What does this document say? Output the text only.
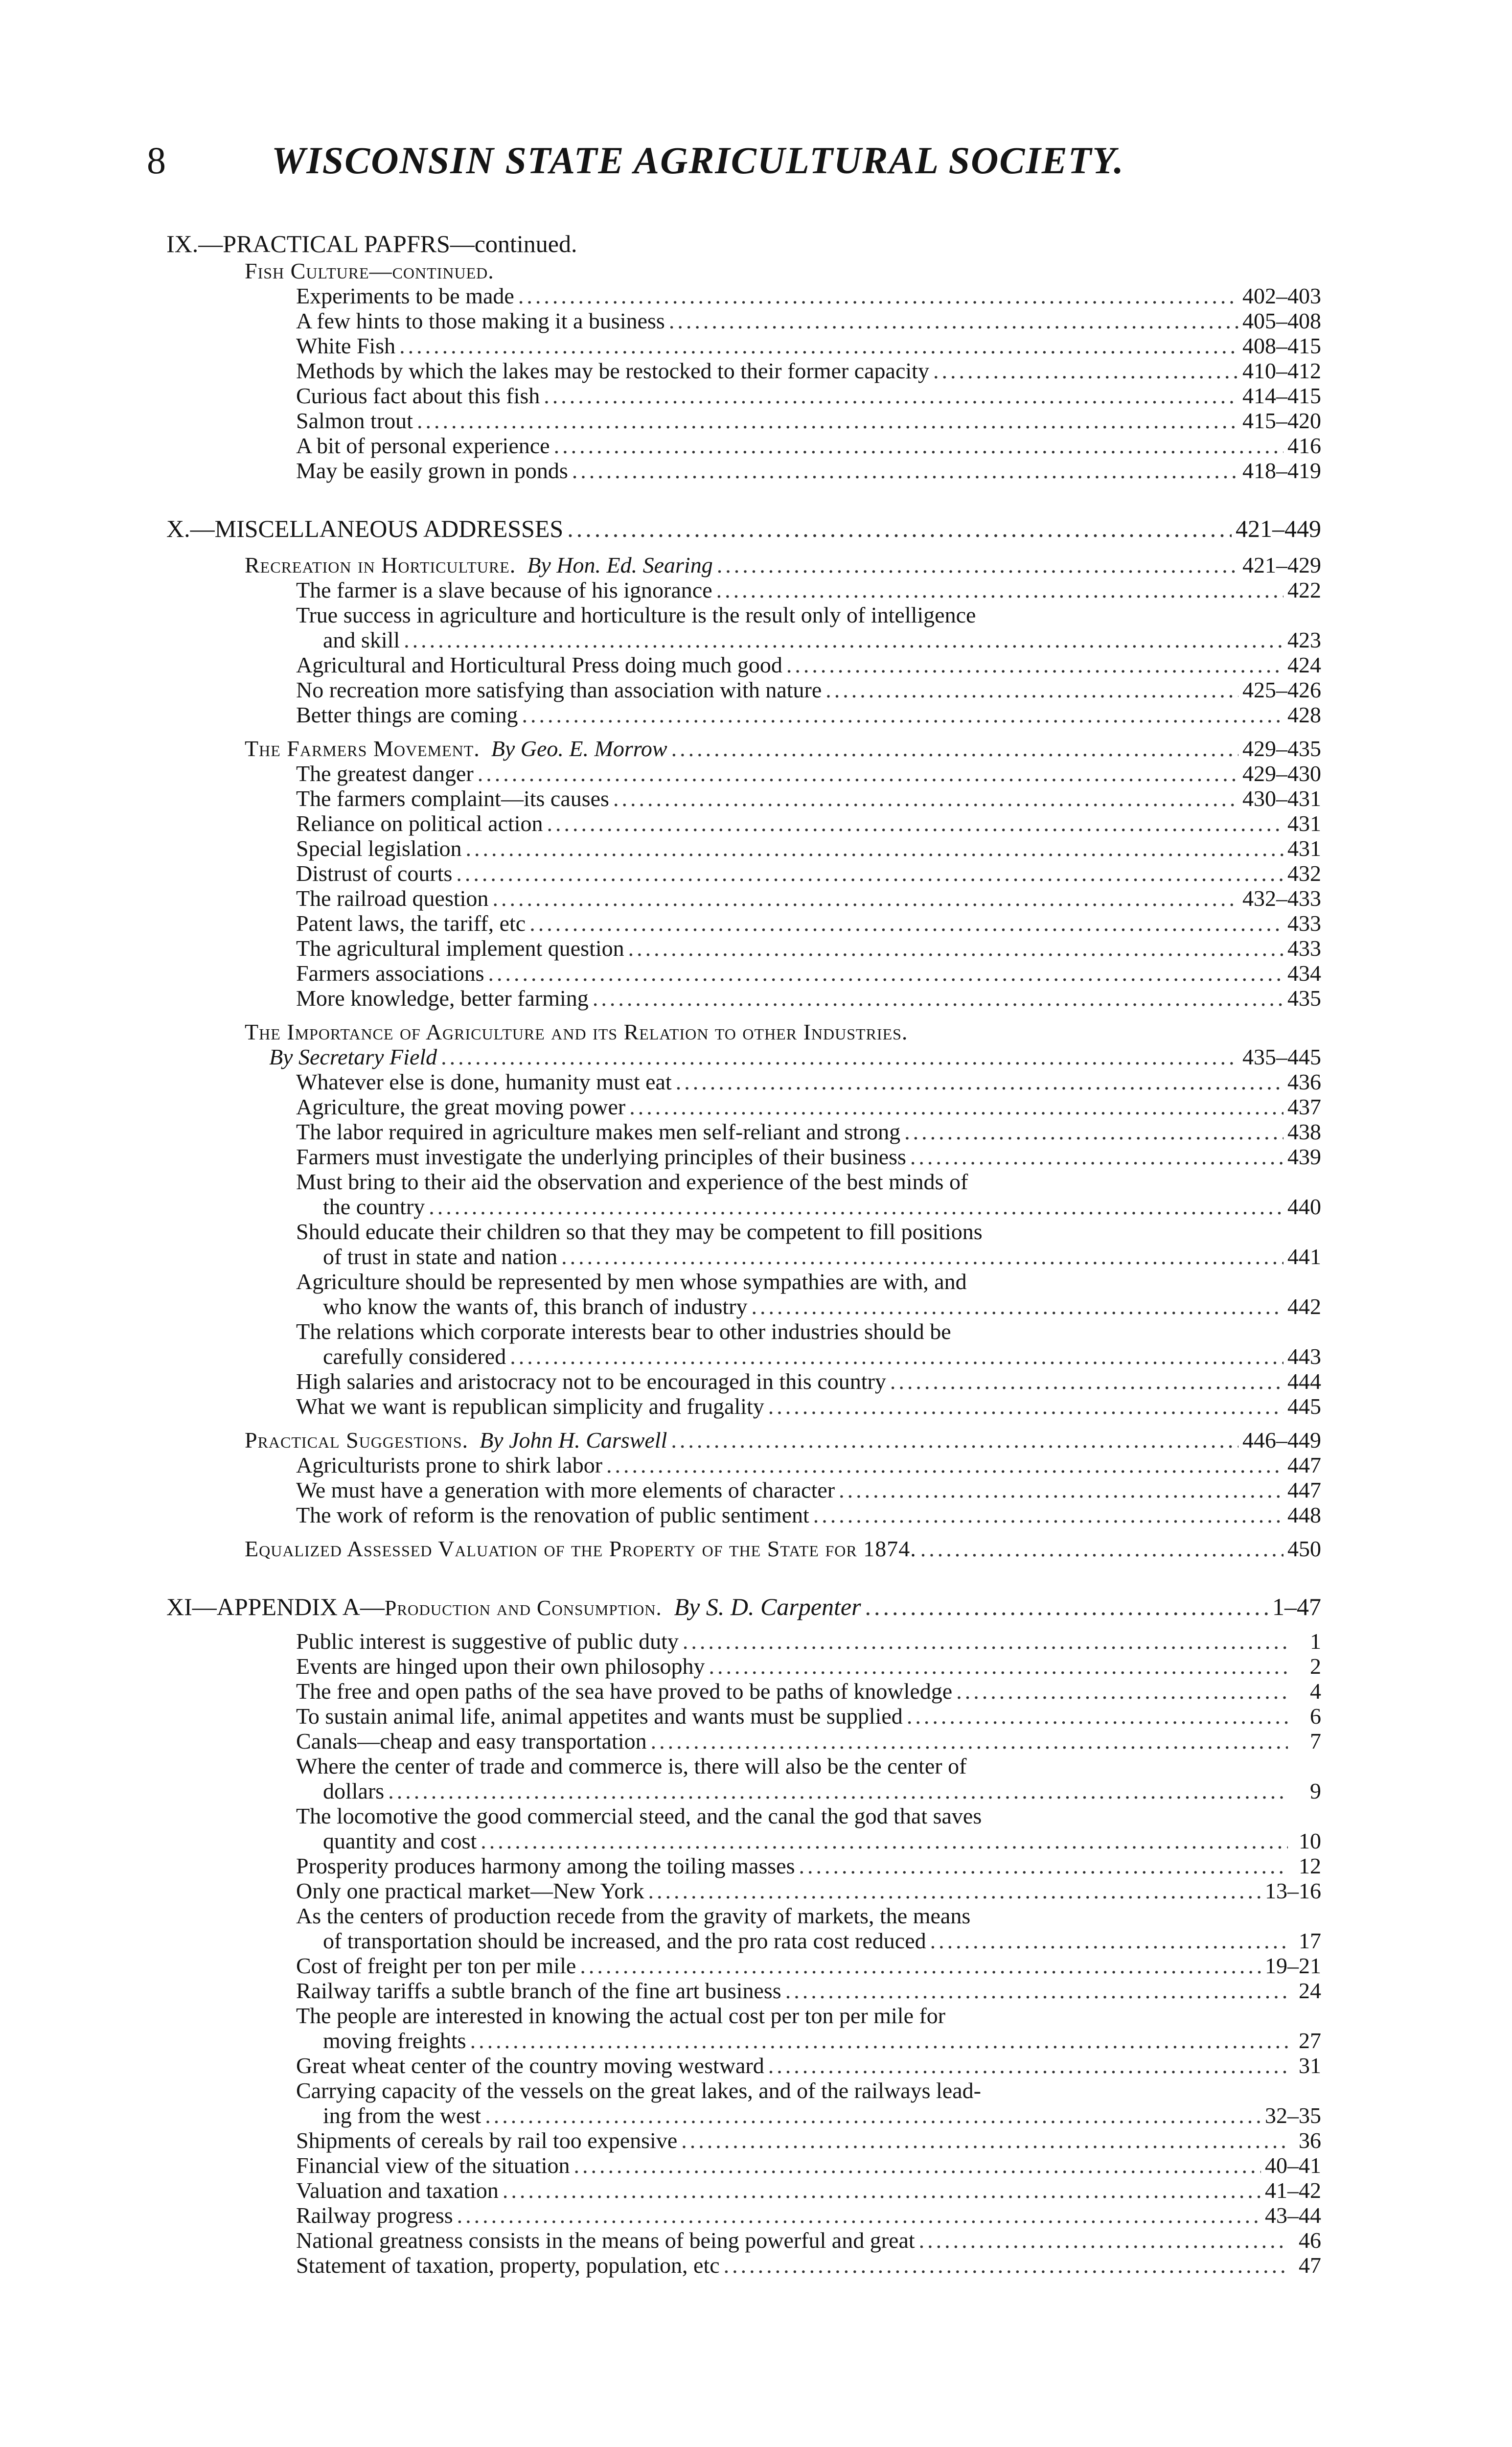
8	WISCONSIN STATE AGRICULTURAL SOCIETY.
IX.—PRACTICAL PAPFRS—continued.
Fish Culture—continued.
Experiments to be made .....	402–403
A few hints to those making it a business .....	405–408
White Fish .....	408–415
Methods by which the lakes may be restocked to their former capacity .....	410–412
Curious fact about this fish .....	414–415
Salmon trout .....	415–420
A bit of personal experience .....	416
May be easily grown in ponds .....	418–419
X.—MISCELLANEOUS ADDRESSES .....	421–449
Recreation in Horticulture. By Hon. Ed. Searing .....	421–429
The farmer is a slave because of his ignorance .....	422
True success in agriculture and horticulture is the result only of intelligence
and skill .....	423
Agricultural and Horticultural Press doing much good .....	424
No recreation more satisfying than association with nature .....	425–426
Better things are coming .....	428
The Farmers Movement. By Geo. E. Morrow .....	429–435
The greatest danger .....	429–430
The farmers complaint—its causes .....	430–431
Reliance on political action .....	431
Special legislation .....	431
Distrust of courts .....	432
The railroad question .....	432–433
Patent laws, the tariff, etc .....	433
The agricultural implement question .....	433
Farmers associations .....	434
More knowledge, better farming .....	435
The Importance of Agriculture and its Relation to other Industries.
By Secretary Field .....	435–445
Whatever else is done, humanity must eat .....	436
Agriculture, the great moving power .....	437
The labor required in agriculture makes men self-reliant and strong .....	438
Farmers must investigate the underlying principles of their business .....	439
Must bring to their aid the observation and experience of the best minds of
the country .....	440
Should educate their children so that they may be competent to fill positions
of trust in state and nation .....	441
Agriculture should be represented by men whose sympathies are with, and
who know the wants of, this branch of industry .....	442
The relations which corporate interests bear to other industries should be
carefully considered .....	443
High salaries and aristocracy not to be encouraged in this country .....	444
What we want is republican simplicity and frugality .....	445
Practical Suggestions. By John H. Carswell .....	446–449
Agriculturists prone to shirk labor .....	447
We must have a generation with more elements of character .....	447
The work of reform is the renovation of public sentiment .....	448
Equalized Assessed Valuation of the Property of the State for 1874. .....	450
XI—APPENDIX A—Production and Consumption. By S. D. Carpenter .....	1–47
Public interest is suggestive of public duty .....	1
Events are hinged upon their own philosophy .....	2
The free and open paths of the sea have proved to be paths of knowledge .....	4
To sustain animal life, animal appetites and wants must be supplied .....	6
Canals—cheap and easy transportation .....	7
Where the center of trade and commerce is, there will also be the center of
dollars .....	9
The locomotive the good commercial steed, and the canal the god that saves
quantity and cost .....	10
Prosperity produces harmony among the toiling masses .....	12
Only one practical market—New York .....	13–16
As the centers of production recede from the gravity of markets, the means
of transportation should be increased, and the pro rata cost reduced .....	17
Cost of freight per ton per mile .....	19–21
Railway tariffs a subtle branch of the fine art business .....	24
The people are interested in knowing the actual cost per ton per mile for
moving freights .....	27
Great wheat center of the country moving westward .....	31
Carrying capacity of the vessels on the great lakes, and of the railways lead-
ing from the west .....	32–35
Shipments of cereals by rail too expensive .....	36
Financial view of the situation .....	40–41
Valuation and taxation .....	41–42
Railway progress .....	43–44
National greatness consists in the means of being powerful and great .....	46
Statement of taxation, property, population, etc .....	47
